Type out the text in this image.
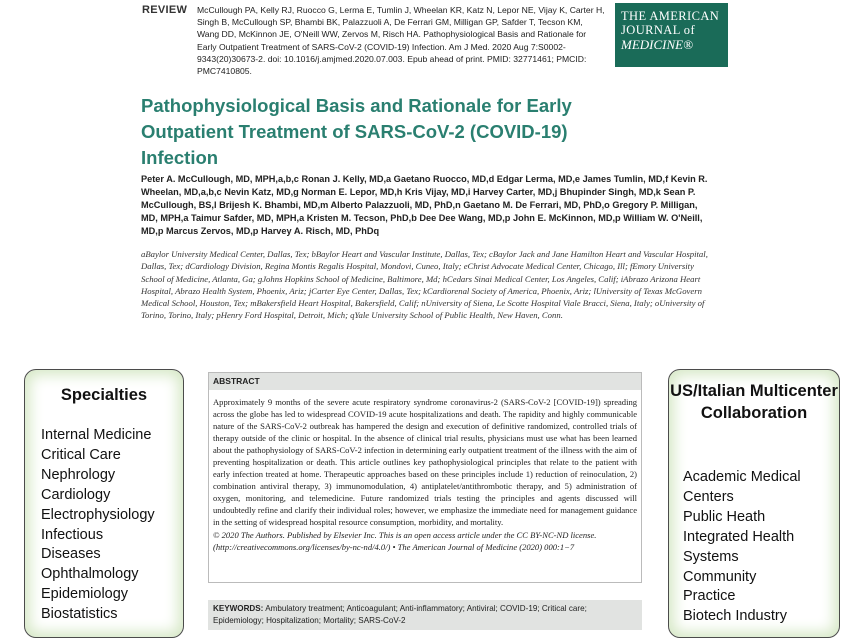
REVIEW McCullough PA, Kelly RJ, Ruocco G, Lerma E, Tumlin J, Wheelan KR, Katz N, Lepor NE, Vijay K, Carter H, Singh B, McCullough SP, Bhambi BK, Palazzuoli A, De Ferrari GM, Milligan GP, Safder T, Tecson KM, Wang DD, McKinnon JE, O'Neill WW, Zervos M, Risch HA. Pathophysiological Basis and Rationale for Early Outpatient Treatment of SARS-CoV-2 (COVID-19) Infection. Am J Med. 2020 Aug 7:S0002-9343(20)30673-2. doi: 10.1016/j.amjmed.2020.07.003. Epub ahead of print. PMID: 32771461; PMCID: PMC7410805.
THE AMERICAN
JOURNAL of
MEDICINE®
Pathophysiological Basis and Rationale for Early Outpatient Treatment of SARS-CoV-2 (COVID-19) Infection
Peter A. McCullough, MD, MPH,a,b,c Ronan J. Kelly, MD,a Gaetano Ruocco, MD,d Edgar Lerma, MD,e James Tumlin, MD,f Kevin R. Wheelan, MD,a,b,c Nevin Katz, MD,g Norman E. Lepor, MD,h Kris Vijay, MD,i Harvey Carter, MD,j Bhupinder Singh, MD,k Sean P. McCullough, BS,l Brijesh K. Bhambi, MD,m Alberto Palazzuoli, MD, PhD,n Gaetano M. De Ferrari, MD, PhD,o Gregory P. Milligan, MD, MPH,a Taimur Safder, MD, MPH,a Kristen M. Tecson, PhD,b Dee Dee Wang, MD,p John E. McKinnon, MD,p William W. O'Neill, MD,p Marcus Zervos, MD,p Harvey A. Risch, MD, PhDq
aBaylor University Medical Center, Dallas, Tex; bBaylor Heart and Vascular Institute, Dallas, Tex; cBaylor Jack and Jane Hamilton Heart and Vascular Hospital, Dallas, Tex; dCardiology Division, Regina Montis Regalis Hospital, Mondovi, Cuneo, Italy; eChrist Advocate Medical Center, Chicago, Ill; fEmory University School of Medicine, Atlanta, Ga; gJohns Hopkins School of Medicine, Baltimore, Md; hCedars Sinai Medical Center, Los Angeles, Calif; iAbrazo Arizona Heart Hospital, Abrazo Health System, Phoenix, Ariz; jCarter Eye Center, Dallas, Tex; kCardiorenal Society of America, Phoenix, Ariz; lUniversity of Texas McGovern Medical School, Houston, Tex; mBakersfield Heart Hospital, Bakersfield, Calif; nUniversity of Siena, Le Scotte Hospital Viale Bracci, Siena, Italy; oUniversity of Torino, Torino, Italy; pHenry Ford Hospital, Detroit, Mich; qYale University School of Public Health, New Haven, Conn.
Specialties
Internal Medicine
Critical Care
Nephrology
Cardiology
Electrophysiology
Infectious
Diseases
Ophthalmology
Epidemiology
Biostatistics
ABSTRACT

Approximately 9 months of the severe acute respiratory syndrome coronavirus-2 (SARS-CoV-2 [COVID-19]) spreading across the globe has led to widespread COVID-19 acute hospitalizations and death. The rapidity and highly communicable nature of the SARS-CoV-2 outbreak has hampered the design and execution of definitive randomized, controlled trials of therapy outside of the clinic or hospital. In the absence of clinical trial results, physicians must use what has been learned about the pathophysiology of SARS-CoV-2 infection in determining early outpatient treatment of the illness with the aim of preventing hospitalization or death. This article outlines key pathophysiological principles that relate to the patient with early infection treated at home. Therapeutic approaches based on these principles include 1) reduction of reinoculation, 2) combination antiviral therapy, 3) immunomodulation, 4) antiplatelet/antithrombotic therapy, and 5) administration of oxygen, monitoring, and telemedicine. Future randomized trials testing the principles and agents discussed will undoubtedly refine and clarify their individual roles; however, we emphasize the immediate need for management guidance in the setting of widespread hospital resource consumption, morbidity, and mortality.

© 2020 The Authors. Published by Elsevier Inc. This is an open access article under the CC BY-NC-ND license. (http://creativecommons.org/licenses/by-nc-nd/4.0/) • The American Journal of Medicine (2020) 000:1−7

KEYWORDS: Ambulatory treatment; Anticoagulant; Anti-inflammatory; Antiviral; COVID-19; Critical care; Epidemiology; Hospitalization; Mortality; SARS-CoV-2
US/Italian Multicenter Collaboration
Academic Medical
Centers
Public Heath
Integrated Health
Systems
Community
Practice
Biotech Industry
